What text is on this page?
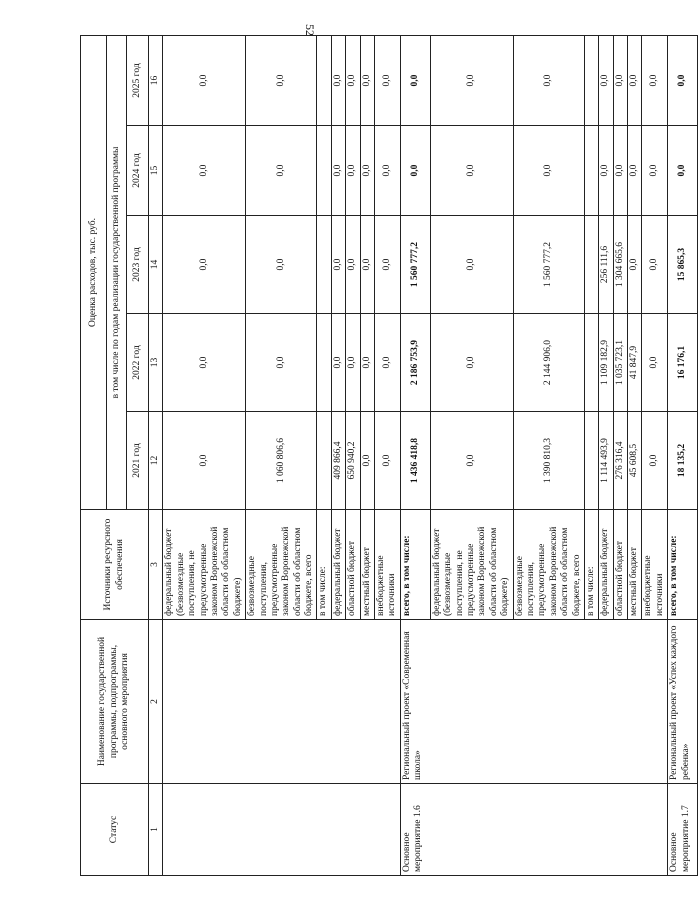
52
Статус	Наименование государственной программы, подпрограммы, основного мероприятия	Источники ресурсного обеспечения	Оценка расходов, тыс. руб.				
			в том числе по годам реализации государственной программы				
			2021 год	2022 год	2023 год	2024 год	2025 год
1	2	3	12	13	14	15	16
		федеральный бюджет (безвозмездные поступления, не предусмотренные законом Воронежской области об областном бюджете)	0,0	0,0	0,0	0,0	0,0
		безвозмездные поступления, предусмотренные законом Воронежской области об областном бюджете, всего	1 060 806,6	0,0	0,0	0,0	0,0
		в том числе:					
		федеральный бюджет	409 866,4	0,0	0,0	0,0	0,0
		областной бюджет	650 940,2	0,0	0,0	0,0	0,0
		местный бюджет	0,0	0,0	0,0	0,0	0,0
		внебюджетные источники	0,0	0,0	0,0	0,0	0,0
Основное мероприятие 1.6	Региональный проект «Современная школа»	всего, в том числе:	1 436 418,8	2 186 753,9	1 560 777,2	0,0	0,0
		федеральный бюджет (безвозмездные поступления, не предусмотренные законом Воронежской области об областном бюджете)	0,0	0,0	0,0	0,0	0,0
		безвозмездные поступления, предусмотренные законом Воронежской области об областном бюджете, всего	1 390 810,3	2 144 906,0	1 560 777,2	0,0	0,0
		в том числе:					
		федеральный бюджет	1 114 493,9	1 109 182,9	256 111,6	0,0	0,0
		областной бюджет	276 316,4	1 035 723,1	1 304 665,6	0,0	0,0
		местный бюджет	45 608,5	41 847,9	0,0	0,0	0,0
		внебюджетные источники	0,0	0,0	0,0	0,0	0,0
Основное мероприятие 1.7	Региональный проект «Успех каждого ребенка»	всего, в том числе:	18 135,2	16 176,1	15 865,3	0,0	0,0
